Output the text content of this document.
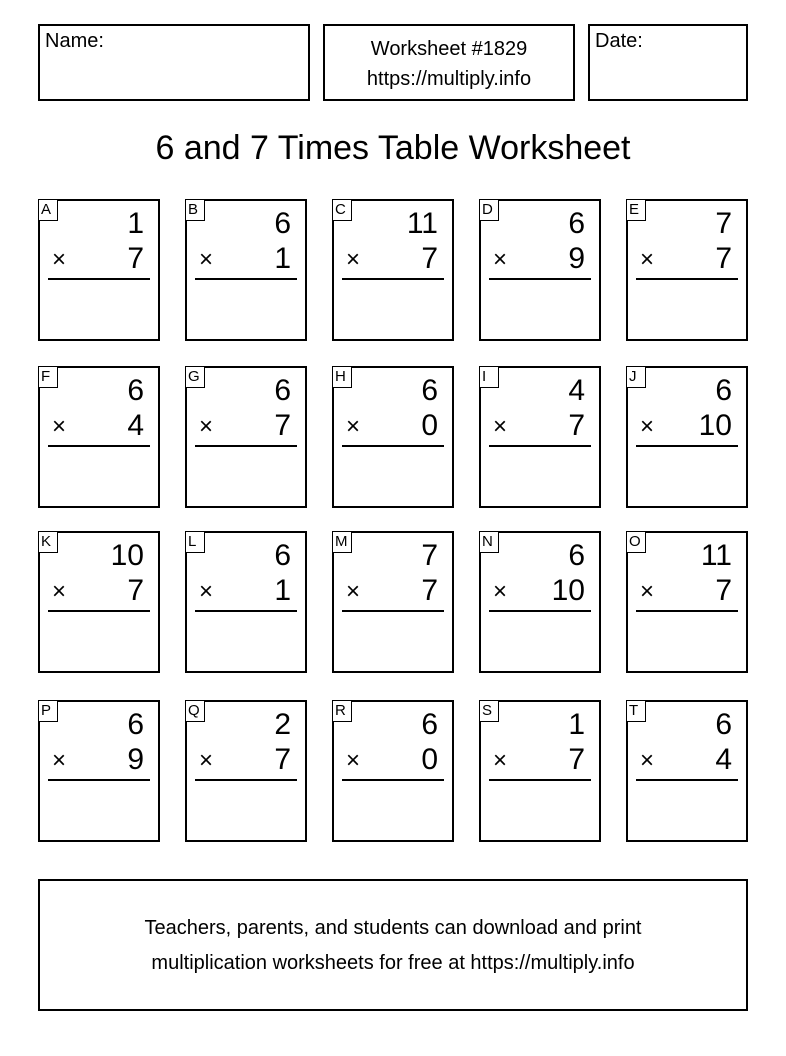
Name:	Worksheet #1829
https://multiply.info
Date:
6 and 7 Times Table Worksheet
A	1
× 7
B	6
× 1
C 11
× 7
D	6
× 9
E	7
× 7
F	6
× 4
G 6
× 7
H	6
× 0
I	4
× 7
J	6
× 10
K 10
× 7
L	6
× 1
M 7
× 7
N	6
× 10
O 11
× 7
P	6
× 9
Q 2
× 7
R	6
× 0
S	1
× 7
T	6
× 4
Teachers, parents, and students can download and print
multiplication worksheets for free at https://multiply.info
